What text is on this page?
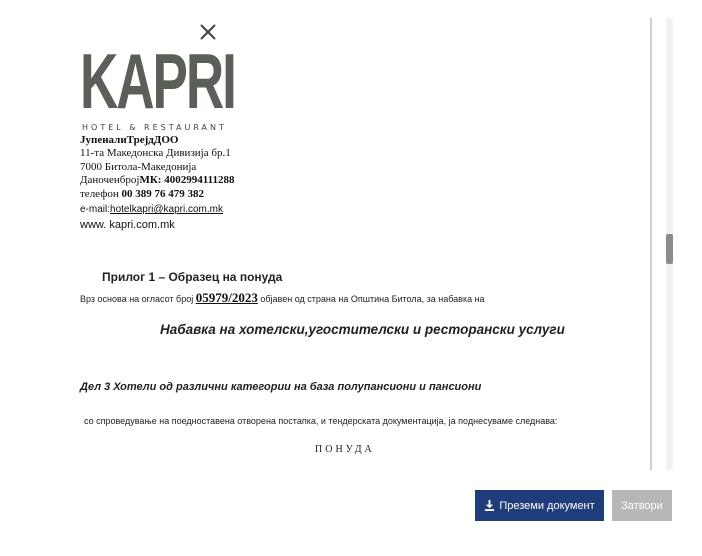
KAPRI
HOTEL & RESTAURANT
ЈупеналиТрејдДОО
11-та Македонска Дивизија бр.1
7000 Битола-Македонија
ДаноченбројМК: 4002994111288
телефон 00 389 76 479 382
e-mail:hotelkapri@kapri.com.mk
www. kapri.com.mk
Прилог 1 – Образец на понуда
Врз основа на огласот број 05979/2023 објавен од страна на Општина Битола, за набавка на
Набавка на хотелски,угостителски и ресторански услуги
Дел 3 Хотели од различни категории на база полупансиони и пансиони
со спроведување на поедноставена отворена постапка, и тендерската документација, ја поднесуваме следнава:
ПОНУДА
Преземи документ Затвори
